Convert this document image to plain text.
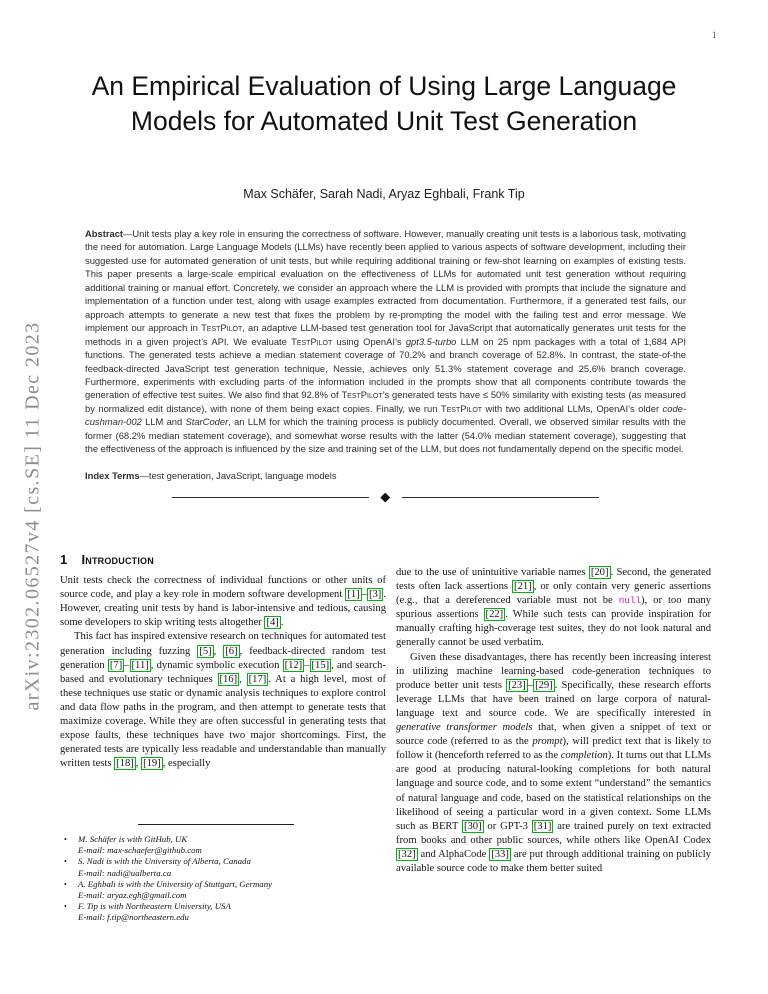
1
arXiv:2302.06527v4 [cs.SE] 11 Dec 2023
An Empirical Evaluation of Using Large Language Models for Automated Unit Test Generation
Max Schäfer, Sarah Nadi, Aryaz Eghbali, Frank Tip

Abstract—Unit tests play a key role in ensuring the correctness of software. However, manually creating unit tests is a laborious task, motivating the need for automation. Large Language Models (LLMs) have recently been applied to various aspects of software development, including their suggested use for automated generation of unit tests, but while requiring additional training or few-shot learning on examples of existing tests. This paper presents a large-scale empirical evaluation on the effectiveness of LLMs for automated unit test generation without requiring additional training or manual effort. Concretely, we consider an approach where the LLM is provided with prompts that include the signature and implementation of a function under test, along with usage examples extracted from documentation. Furthermore, if a generated test fails, our approach attempts to generate a new test that fixes the problem by re-prompting the model with the failing test and error message. We implement our approach in TestPilot, an adaptive LLM-based test generation tool for JavaScript that automatically generates unit tests for the methods in a given project’s API. We evaluate TestPilot using OpenAI’s gpt3.5-turbo LLM on 25 npm packages with a total of 1,684 API functions. The generated tests achieve a median statement coverage of 70.2% and branch coverage of 52.8%. In contrast, the state-of-the feedback-directed JavaScript test generation technique, Nessie, achieves only 51.3% statement coverage and 25.6% branch coverage. Furthermore, experiments with excluding parts of the information included in the prompts show that all components contribute towards the generation of effective test suites. We also find that 92.8% of TestPilot’s generated tests have ≤ 50% similarity with existing tests (as measured by normalized edit distance), with none of them being exact copies. Finally, we run TestPilot with two additional LLMs, OpenAI’s older code-cushman-002 LLM and StarCoder, an LLM for which the training process is publicly documented. Overall, we observed similar results with the former (68.2% median statement coverage), and somewhat worse results with the latter (54.0% median statement coverage), suggesting that the effectiveness of the approach is influenced by the size and training set of the LLM, but does not fundamentally depend on the specific model.

Index Terms—test generation, JavaScript, language models

1 Introduction

Unit tests check the correctness of individual functions or other units of source code, and play a key role in modern software development [1] – [3] . However, creating unit tests by hand is labor-intensive and tedious, causing some developers to skip writing tests altogether [4] .

This fact has inspired extensive research on techniques for automated test generation including fuzzing [5] , [6] , feedback-directed random test generation [7] – [11] , dynamic symbolic execution [12] – [15] , and search-based and evolutionary techniques [16] , [17] . At a high level, most of these techniques use static or dynamic analysis techniques to explore control and data flow paths in the program, and then attempt to generate tests that maximize coverage. While they are often successful in generating tests that expose faults, these techniques have two major shortcomings. First, the generated tests are typically less readable and understandable than manually written tests [18] , [19] , especially

due to the use of unintuitive variable names [20] . Second, the generated tests often lack assertions [21] , or only contain very generic assertions (e.g., that a dereferenced variable must not be null), or too many spurious assertions [22] . While such tests can provide inspiration for manually crafting high-coverage test suites, they do not look natural and generally cannot be used verbatim.

Given these disadvantages, there has recently been increasing interest in utilizing machine learning-based code-generation techniques to produce better unit tests [23] – [29] . Specifically, these research efforts leverage LLMs that have been trained on large corpora of natural-language text and source code. We are specifically interested in generative transformer models that, when given a snippet of text or source code (referred to as the prompt), will predict text that is likely to follow it (henceforth referred to as the completion). It turns out that LLMs are good at producing natural-looking completions for both natural language and source code, and to some extent “understand” the semantics of natural language and code, based on the statistical relationships on the likelihood of seeing a particular word in a given context. Some LLMs such as BERT [30] or GPT-3 [31] are trained purely on text extracted from books and other public sources, while others like OpenAI Codex [32] and AlphaCode [33] are put through additional training on publicly available source code to make them better suited

•	M. Schäfer is with GitHub, UK
E-mail: max-schaefer@github.com
•	S. Nadi is with the University of Alberta, Canada
E-mail: nadi@ualberta.ca
•	A. Eghbali is with the University of Stuttgart, Germany
E-mail: aryaz.egh@gmail.com
•	F. Tip is with Northeastern University, USA
E-mail: f.tip@northeastern.edu
